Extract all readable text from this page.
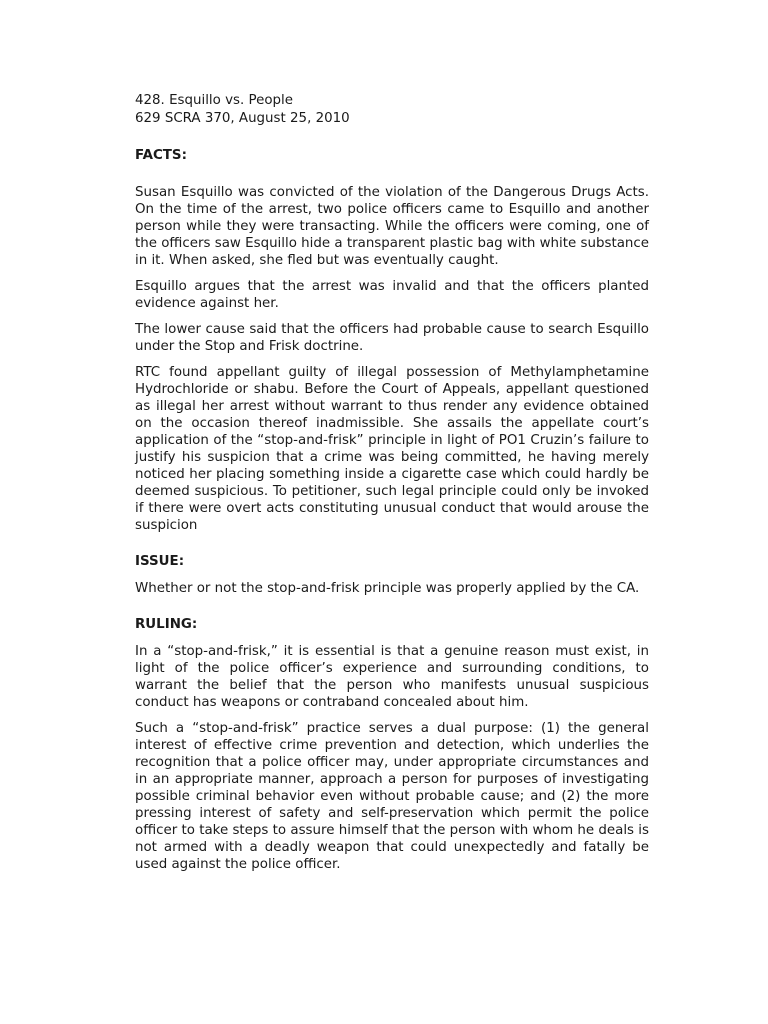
428. Esquillo vs. People

629 SCRA 370, August 25, 2010

FACTS:

Susan Esquillo was convicted of the violation of the Dangerous Drugs Acts. On the time of the arrest, two police officers came to Esquillo and another person while they were transacting. While the officers were coming, one of the officers saw Esquillo hide a transparent plastic bag with white substance in it. When asked, she fled but was eventually caught.

Esquillo argues that the arrest was invalid and that the officers planted evidence against her.

The lower cause said that the officers had probable cause to search Esquillo under the Stop and Frisk doctrine.

RTC found appellant guilty of illegal possession of Methylamphetamine Hydrochloride or shabu. Before the Court of Appeals, appellant questioned as illegal her arrest without warrant to thus render any evidence obtained on the occasion thereof inadmissible. She assails the appellate court’s application of the “stop-and-frisk” principle in light of PO1 Cruzin’s failure to justify his suspicion that a crime was being committed, he having merely noticed her placing something inside a cigarette case which could hardly be deemed suspicious. To petitioner, such legal principle could only be invoked if there were overt acts constituting unusual conduct that would arouse the suspicion

ISSUE:

Whether or not the stop-and-frisk principle was properly applied by the CA.

RULING:

In a “stop-and-frisk,” it is essential is that a genuine reason must exist, in light of the police officer’s experience and surrounding conditions, to warrant the belief that the person who manifests unusual suspicious conduct has weapons or contraband concealed about him.

Such a “stop-and-frisk” practice serves a dual purpose: (1) the general interest of effective crime prevention and detection, which underlies the recognition that a police officer may, under appropriate circumstances and in an appropriate manner, approach a person for purposes of investigating possible criminal behavior even without probable cause; and (2) the more pressing interest of safety and self-preservation which permit the police officer to take steps to assure himself that the person with whom he deals is not armed with a deadly weapon that could unexpectedly and fatally be used against the police officer.
